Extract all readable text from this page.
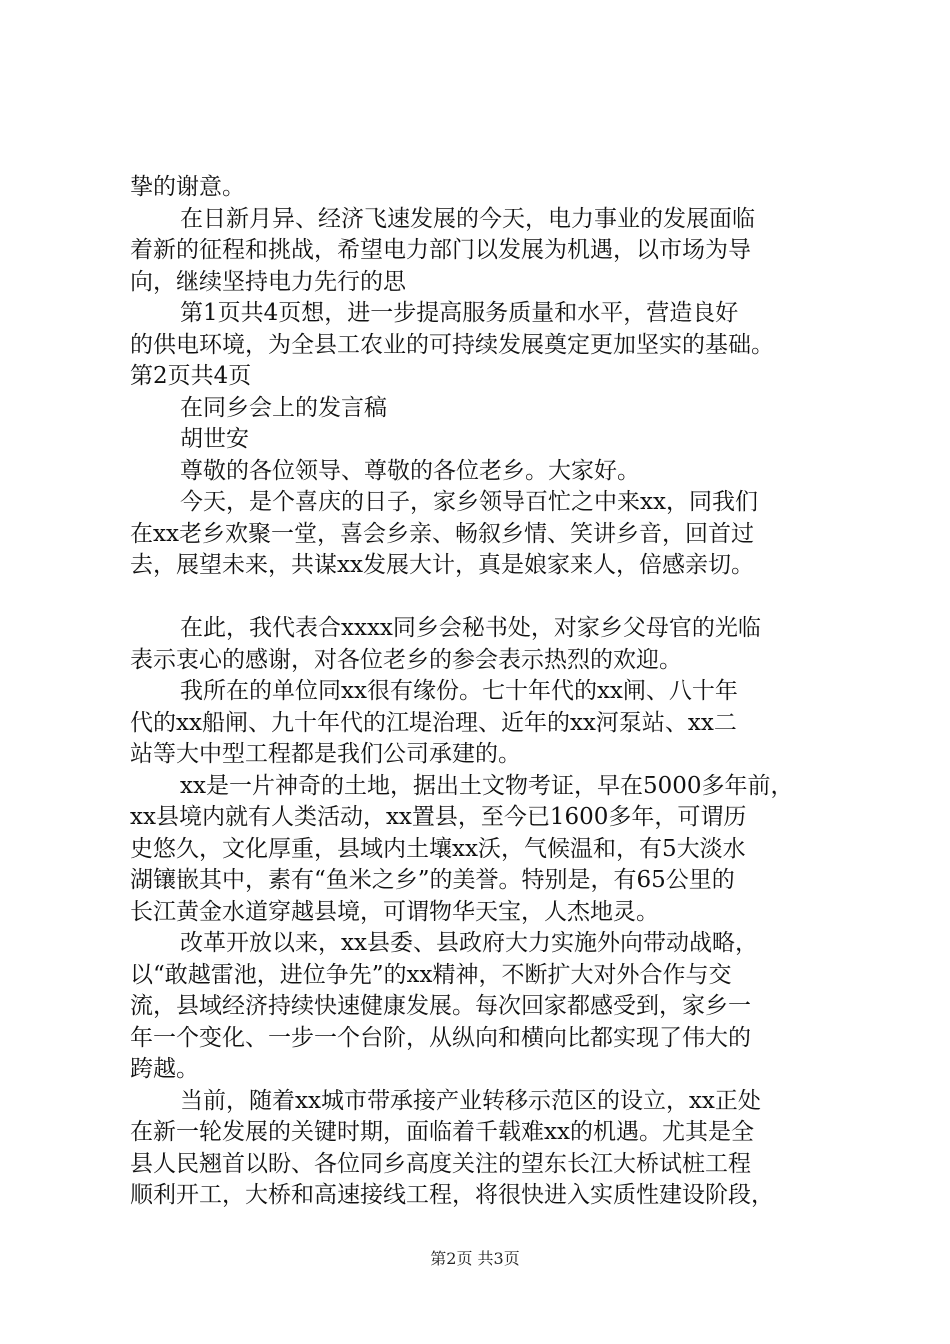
挚的谢意。
在日新月异、经济飞速发展的今天，电力事业的发展面临
着新的征程和挑战，希望电力部门以发展为机遇，以市场为导
向，继续坚持电力先行的思
第1页共4页想，进一步提高服务质量和水平，营造良好
的供电环境，为全县工农业的可持续发展奠定更加坚实的基础。
第2页共4页
在同乡会上的发言稿
胡世安
尊敬的各位领导、尊敬的各位老乡。大家好。
今天，是个喜庆的日子，家乡领导百忙之中来xx，同我们
在xx老乡欢聚一堂，喜会乡亲、畅叙乡情、笑讲乡音，回首过
去，展望未来，共谋xx发展大计，真是娘家来人，倍感亲切。
在此，我代表合xxxx同乡会秘书处，对家乡父母官的光临
表示衷心的感谢，对各位老乡的参会表示热烈的欢迎。
我所在的单位同xx很有缘份。七十年代的xx闸、八十年
代的xx船闸、九十年代的江堤治理、近年的xx河泵站、xx二
站等大中型工程都是我们公司承建的。
xx是一片神奇的土地，据出土文物考证，早在5000多年前，
xx县境内就有人类活动，xx置县，至今已1600多年，可谓历
史悠久，文化厚重，县域内土壤xx沃，气候温和，有5大淡水
湖镶嵌其中，素有“鱼米之乡”的美誉。特别是，有65公里的
长江黄金水道穿越县境，可谓物华天宝，人杰地灵。
改革开放以来，xx县委、县政府大力实施外向带动战略，
以“敢越雷池，进位争先”的xx精神，不断扩大对外合作与交
流，县域经济持续快速健康发展。每次回家都感受到，家乡一
年一个变化、一步一个台阶，从纵向和横向比都实现了伟大的
跨越。
当前，随着xx城市带承接产业转移示范区的设立，xx正处
在新一轮发展的关键时期，面临着千载难xx的机遇。尤其是全
县人民翘首以盼、各位同乡高度关注的望东长江大桥试桩工程
顺利开工，大桥和高速接线工程，将很快进入实质性建设阶段，
第2页 共3页
